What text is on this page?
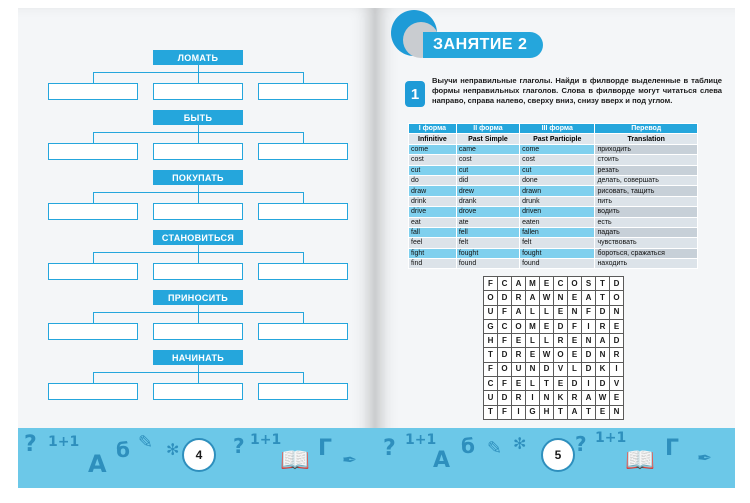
ЛОМАТЬ
БЫТЬ
ПОКУПАТЬ
СТАНОВИТЬСЯ
ПРИНОСИТЬ
НАЧИНАТЬ
? 1+1
A б ✎ ✻	? 1+1
📖 Г ✒
4
ЗАНЯТИЕ 2
1
Выучи неправильные глаголы. Найди в филворде выделенные в таблице формы неправильных глаголов. Слова в филворде могут читаться слева направо, справа налево, сверху вниз, снизу вверх и под углом.
I форма	II форма	III форма	Перевод
Infinitive	Past Simple	Past Participle	Translation
come	came	come	приходить
cost	cost	cost	стоить
cut	cut	cut	резать
do	did	done	делать, совершать
draw	drew	drawn	рисовать, тащить
drink	drank	drunk	пить
drive	drove	driven	водить
eat	ate	eaten	есть
fall	fell	fallen	падать
feel	felt	felt	чувствовать
fight	fought	fought	бороться, сражаться
find	found	found	находить
F	C	A	M	E	C	O	S	T	D
O	D	R	A	W	N	E	A	T	O
U	F	A	L	L	E	N	F	D	N
G	C	O	M	E	D	F	I	R	E
H	F	E	L	L	R	E	N	A	D
T	D	R	E	W	O	E	D	N	R
F	O	U	N	D	V	L	D	K	I
C	F	E	L	T	E	D	I	D	V
U	D	R	I	N	K	R	A	W	E
T	F	I	G	H	T	A	T	E	N
? 1+1
A
б ✎ ✻ ? 1+1
📖 Г ✒
5
